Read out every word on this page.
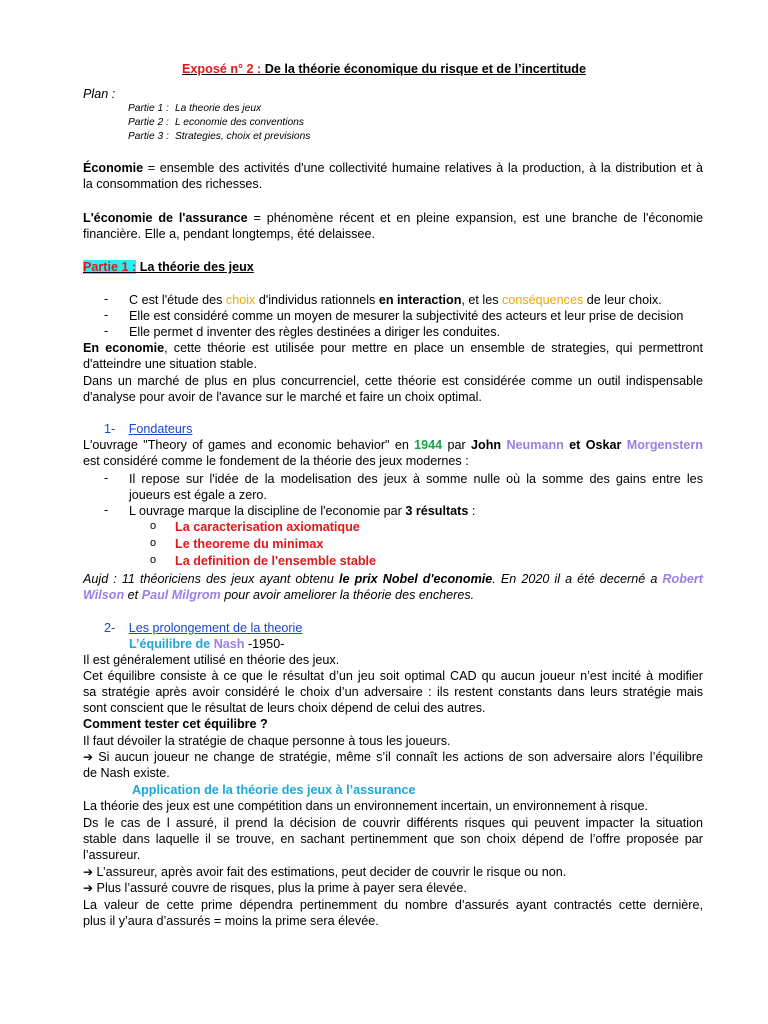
Exposé n° 2 : De la théorie économique du risque et de l’incertitude
Plan :
Partie 1 : La theorie des jeux
Partie 2 : L economie des conventions
Partie 3 : Strategies, choix et previsions
Économie = ensemble des activités d'une collectivité humaine relatives à la production, à la distribution et à
la consommation des richesses.
L'économie de l'assurance = phénomène récent et en pleine expansion, est une branche de l'économie
financière. Elle a, pendant longtemps, été delaissee.
Partie 1 : La théorie des jeux
- C est l'étude des choix d'individus rationnels en interaction, et les conséquences de leur choix.
- Elle est considéré comme un moyen de mesurer la subjectivité des acteurs et leur prise de decision
- Elle permet d inventer des règles destinées a diriger les conduites.
En economie, cette théorie est utilisée pour mettre en place un ensemble de strategies, qui permettront
d'atteindre une situation stable.
Dans un marché de plus en plus concurrenciel, cette théorie est considérée comme un outil indispensable
d'analyse pour avoir de l'avance sur le marché et faire un choix optimal.
1- Fondateurs
L'ouvrage "Theory of games and economic behavior" en 1944 par John Neumann et Oskar Morgenstern
est considéré comme le fondement de la théorie des jeux modernes :
- Il repose sur l'idée de la modelisation des jeux à somme nulle où la somme des gains entre les
joueurs est égale a zero.
- L ouvrage marque la discipline de l'economie par 3 résultats :
o La caracterisation axiomatique
o Le theoreme du minimax
o La definition de l'ensemble stable
Aujd : 11 théoriciens des jeux ayant obtenu le prix Nobel d'economie. En 2020 il a été decerné a Robert
Wilson et Paul Milgrom pour avoir ameliorer la théorie des encheres.
2- Les prolongement de la theorie
L’équilibre de Nash -1950-
Il est généralement utilisé en théorie des jeux.
Cet équilibre consiste à ce que le résultat d’un jeu soit optimal CAD qu aucun joueur n’est incité à modifier
sa stratégie après avoir considéré le choix d’un adversaire : ils restent constants dans leurs stratégie mais
sont conscient que le résultat de leurs choix dépend de celui des autres.
Comment tester cet équilibre ?
Il faut dévoiler la stratégie de chaque personne à tous les joueurs.
➔ Si aucun joueur ne change de stratégie, même s’il connaît les actions de son adversaire alors l’équilibre
de Nash existe.
Application de la théorie des jeux à l’assurance
La théorie des jeux est une compétition dans un environnement incertain, un environnement à risque.
Ds le cas de l assuré, il prend la décision de couvrir différents risques qui peuvent impacter la situation
stable dans laquelle il se trouve, en sachant pertinemment que son choix dépend de l’offre proposée par
l’assureur.
➔ L’assureur, après avoir fait des estimations, peut decider de couvrir le risque ou non.
➔ Plus l’assuré couvre de risques, plus la prime à payer sera élevée.
La valeur de cette prime dépendra pertinemment du nombre d’assurés ayant contractés cette dernière,
plus il y’aura d’assurés = moins la prime sera élevée.
